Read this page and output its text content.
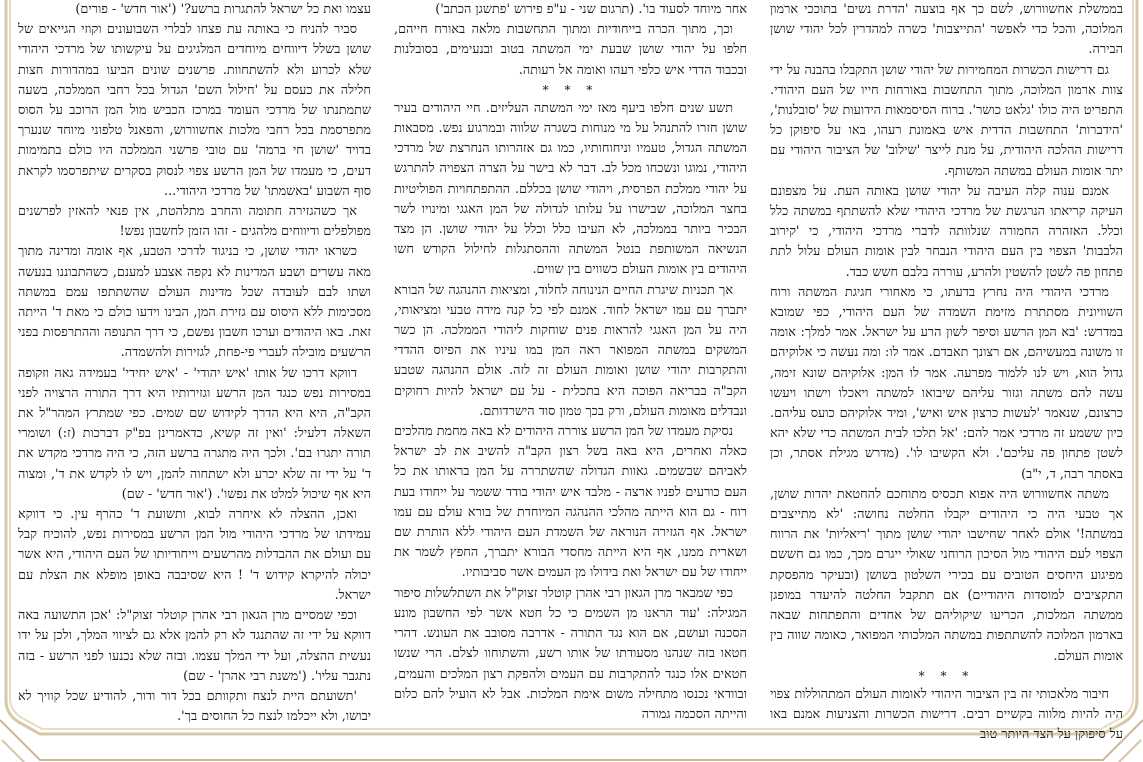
בממשלת אחשוורוש, לשם כך אף בוצעה 'הדרת נשים' בתוככי ארמון המלוכה, והכל כדי לאפשר 'התייצבות' כשרה למהדרין לכל יהודי שושן הבירה.

גם דרישות הכשרות המחמירות של יהודי שושן התקבלו בהבנה על ידי צוות ארמון המלוכה, מתוך התחשבות באורחות חייו של העם היהודי. התפריט היה כולו 'גלאט כושר'. ברוח הסיסמאות הידועות של 'סובלנות', 'הידברות' התחשבות הדדית איש באמונת רעהו, באו על סיפוקן כל דרישות ההלכה היהודית, על מנת לייצר 'שילוב' של הציבור היהודי עם יתר אומות העולם במשתה המשותף.

אמנם ענוה קלה העיבה על יהודי שושן באותה העת. על מצפונם העיקה קריאתו הנרגשת של מרדכי היהודי שלא להשתתף במשתה כלל וכלל. האזהרה החמורה שנלוותה לדברי מרדכי היהודי, כי 'קירוב הלבבות' הצפוי בין העם היהודי הנבחר לבין אומות העולם עלול לתת פתחון פה לשטן להשטין ולהרע, עוררה בלבם חשש כבד.

מרדכי היהודי היה נחרץ בדעתו, כי מאחורי חגיגת המשתה ורוח השוויונית מסתתרת מזימת השמדה של העם היהודי, כפי שמובא במדרש: 'בא המן הרשע וסיפר לשון הרע על ישראל. אמר למלך: אומה זו משונה במעשיהם, אם רצונך תאבדם. אמר לו: ומה נעשה כי אלוקיהם גדול הוא, ויש לנו ללמוד מפרעה. אמר לו המן: אלוקיהם שונא זימה, עשה להם משתה וגזור עליהם שיבואו למשתה ויאכלו וישתו ויעשו כרצונם, שנאמר 'לעשות כרצון איש ואיש', ומיד אלוקיהם כועס עליהם. כיון ששמע זה מרדכי אמר להם: 'אל תלכו לבית המשתה כדי שלא יהא לשטן פתחון פה עליכם'. ולא הקשיבו לו'. (מדרש מגילת אסתר, וכן באסתר רבה, ד, י"ב)

משתה אחשוורוש היה אפוא תכסיס מתוחכם להחטאת יהדות שושן, אך טבעי היה כי היהודים יקבלו החלטה נחושה: 'לא מתייצבים במשתה!' אולם לאחר שחישבו יהודי שושן מתוך 'ריאליות' את הרווח הצפוי לעם היהודי מול הסיכון הרוחני שאולי ייגרם מכך, כמו גם חששם מפיגוע היחסים הטובים עם בכירי השלטון בשושן (ובעיקר מהפסקת התקציבים למוסדות היהודיים) אם תתקבל החלטה להיעדר במופגן ממשתה המלכות, הכריעו שיקוליהם של אחדים והתפתחות שבאה בארמון המלוכה להשתתפות במשתה המלכותי המפואר, כאומה שווה בין אומות העולם.

* * *

חיבור מלאכותי זה בין הציבור היהודי לאומות העולם המתהוללות צפוי היה להיות מלווה בקשיים רבים. דרישות הכשרות והצניעות אמנם באו על סיפוקן על הצד היותר טוב

אחר מיוחד לסעוד בו'. (תרגום שני - ע"פ פירוש 'פתשגן הכתב')

וכך, מתוך הכרה בייחודיות ומתוך התחשבות מלאה באורח חייהם, חלפו על יהודי שושן שבעת ימי המשתה בטוב ובנעימים, בסובלנות ובכבוד הדדי איש כלפי רעהו ואומה אל רעותה.

* * *

תשע שנים חלפו ביעף מאז ימי המשתה העליזים. חיי היהודים בעיר שושן חזרו להתנהל על מי מנוחות בשגרה שלווה ובמרגוע נפש. מסבאות המשתה הגדול, טעמיו וניחוחותיו, כמו גם אזהרותו הנחרצת של מרדכי היהודי, נמוגו ונשכחו מכל לב. דבר לא בישר על הצרה הצפויה להתרגש על יהודי ממלכת הפרסית, ויהודי שושן בכללם. ההתפתחויות הפוליטיות בחצר המלוכה, שבישרו על עלותו לגדולה של המן האגגי ומינויו לשר הבכיר ביותר בממלכה, לא העיבו כלל וכלל על יהודי שושן. הן מצד הנשיאה המשותפת בנטל המשתה וההסתגלות לחילול הקודש חשו היהודים בין אומות העולם כשווים בין שווים.

אך תכניות שיגרת החיים הנינוחה לחלוד, ומציאות ההנהגה של הבורא יתברך עם עמו ישראל לחוד. אמנם לפי כל קנה מידה טבעי ומציאותי, היה על המן האגגי להראות פנים שוחקות ליהודי הממלכה. הן כשר המשקים במשתה המפואר ראה המן במו עיניו את הפיוס ההדדי והתקרבות יהודי שושן ואומות העולם זה לזה. אולם ההנהגה שטבע הקב"ה בבריאה הפוכה היא בתכלית - על עם ישראל להיות רחוקים ונבדלים מאומות העולם, ורק בכך טמון סוד הישרדותם.

נסיקת מעמדו של המן הרשע צוררה היהודים לא באה מחמת מהלכים כאלה ואחרים, היא באה בשל רצון הקב"ה להשיב את לב ישראל לאביהם שבשמים. גאוות הגדולה שהשתררה על המן בראותו את כל העם כורעים לפניו ארצה - מלבד איש יהודי בודד ששמר על ייחודו בעת רוח - גם הוא הייתה מהלכי ההנהגה המיוחדת של בורא עולם עם עמו ישראל. אף הגזירה הנוראה של השמדת העם היהודי ללא הותרת שם ושארית ממנו, אף היא הייתה מחסדי הבורא יתברך, החפץ לשמר את ייחודו של עם ישראל ואת בידולו מן העמים אשר סביבותיו.

כפי שמבאר מרן הגאון רבי אהרן קוטלר זצוק"ל את השתלשלות סיפור המגילה: 'עוד הראנו מן השמים כי כל חטא אשר לפי החשבון מונע הסכנה ועושם, אם הוא נגד התורה - אדרבה מסובב את העונש. דהרי חטאו בזה שנהנו מסעודתו של אותו רשע, והשתוחוו לצלם. הרי שנשו חטאים אלו כנגד להתקרבות עם העמים ולהפקת רצון המלכים והעמים, ובוודאי נכנסו מתחילה משום אימת המלכות. אבל לא הועיל להם כלום והייתה הסכמה גמורה

עצמו ואת כל ישראל להתגרות ברשע?' ('אור חדש' - פורים)

סביר להניח כי באותה עת פצחו לבלרי השבועונים וקוזי הגייאים של שושן בשלל דיווחים מיוחדים המלגיגים על עיקשותו של מרדכי היהודי שלא לכרוע ולא להשתחוות. פרשנים שונים הביעו במהדורות חצות חלילה את כעסם על 'חילול השם' הגדול בכל רחבי הממלכה, בשעה שתמתנתו של מרדכי העומד במרכז הכביש מול המן הרוכב על הסוס מתפרסמת בכל רחבי מלכות אחשוורוש, והפאנל טלפוני מיוחד שנערך בדויד 'שושן חי ברמה' עם טובי פרשני הממלכה היו כולם בתמימות דעים, כי מעמדו של המן הרשע צפוי לנסוק בסקרים שיתפרסמו לקראת סוף השבוע 'באשמתו' של מרדכי היהודי...

אך כשהגזירה חתומה והחרב מתלהטת, אין פנאי להאזין לפרשנים מפולפלים ודיווחים מלהגים - זהו הזמן לחשבון נפש!

כשראו יהודי שושן, כי בניגוד לדרכי הטבע, אף אומה ומדינה מתוך מאה עשרים ושבע המדינות לא נקפה אצבע למענם, כשהתבוננו בנעשה ושתו לבם לעובדה שכל מדינות העולם שהשתתפו עמם במשתה מסכימות ללא היסוס עם גזירת המן, הבינו וידעו כולם כי מאת ד' הייתה זאת. באו היהודים וערכו חשבון נפשם, כי דרך התנופה וההתרפסות בפני הרשעים מובילה לעברי פי-פחת, לגזירות ולהשמדה.

דווקא דרכו של אותו 'איש יהודי' - 'איש יחידי' בעמידה גאה וזקופה במסירות נפש כנגד המן הרשע וגזירותיו היא דרך התורה הרצויה לפני הקב"ה, היא היא הדרך לקידוש שם שמים. כפי שמתרץ המהר"ל את השאלה דלעיל: 'ואין זה קשיא, כדאמרינן בפ"ק דברכות (ז:) ושומרי תורה יתגרו בם'. ולכך היה מתגרה ברשע הזה, כי היה מרדכי מקדש את ד' על ידי זה שלא יכרע ולא ישתחוה להמן, ויש לו לקדש את ד', ומצוה היא אף שיכול למלט את נפשו'. ('אור חדש' - שם)

ואכן, ההצלה לא איחרה לבוא, ותשועת ד' כהרף עין. כי דווקא עמידתו של מרדכי היהודי מול המן הרשע במסירות נפש, להוכיח קבל עם ועולם את ההבדלות מהרשעים וייחודיותו של העם היהודי, היא אשר יכולה להיקרא קידוש ד' ! היא שסיבבה באופן מופלא את הצלת עם ישראל.

וכפי שמסיים מרן הגאון רבי אהרן קוטלר זצוק"ל: 'אכן התשועה באה דווקא על ידי זה שהתנגד לא רק להמן אלא גם לציווי המלך, ולכן על ידו נעשית ההצלה, ועל ידי המלך עצמו. ובזה שלא נכנעו לפני הרשע - בזה נתגבר עליו'. ('משנת רבי אהרן' - שם)

'תשועתם היית לנצח ותקוותם בכל דור ודור, להודיע שכל קוויך לא יבושו, ולא ייכלמו לנצח כל החוסים בך'.
